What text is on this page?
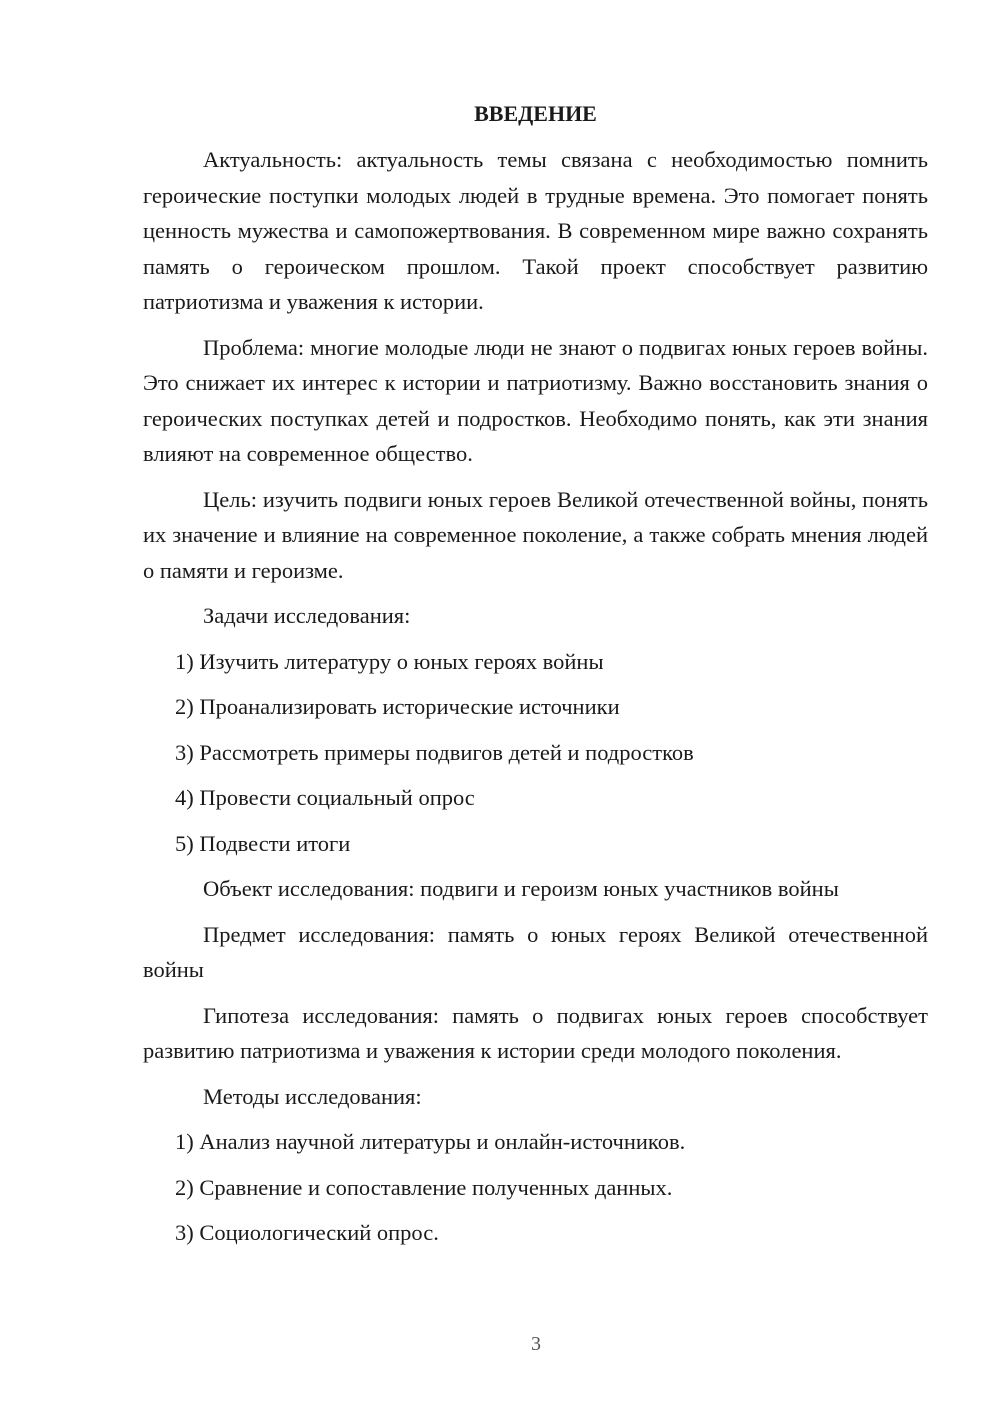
ВВЕДЕНИЕ
Актуальность: актуальность темы связана с необходимостью помнить героические поступки молодых людей в трудные времена. Это помогает понять ценность мужества и самопожертвования. В современном мире важно сохранять память о героическом прошлом. Такой проект способствует развитию патриотизма и уважения к истории.
Проблема: многие молодые люди не знают о подвигах юных героев войны. Это снижает их интерес к истории и патриотизму. Важно восстановить знания о героических поступках детей и подростков. Необходимо понять, как эти знания влияют на современное общество.
Цель: изучить подвиги юных героев Великой отечественной войны, понять их значение и влияние на современное поколение, а также собрать мнения людей о памяти и героизме.
Задачи исследования:
1) Изучить литературу о юных героях войны
2) Проанализировать исторические источники
3) Рассмотреть примеры подвигов детей и подростков
4) Провести социальный опрос
5) Подвести итоги
Объект исследования: подвиги и героизм юных участников войны
Предмет исследования: память о юных героях Великой отечественной войны
Гипотеза исследования: память о подвигах юных героев способствует развитию патриотизма и уважения к истории среди молодого поколения.
Методы исследования:
1) Анализ научной литературы и онлайн-источников.
2) Сравнение и сопоставление полученных данных.
3) Социологический опрос.
3
